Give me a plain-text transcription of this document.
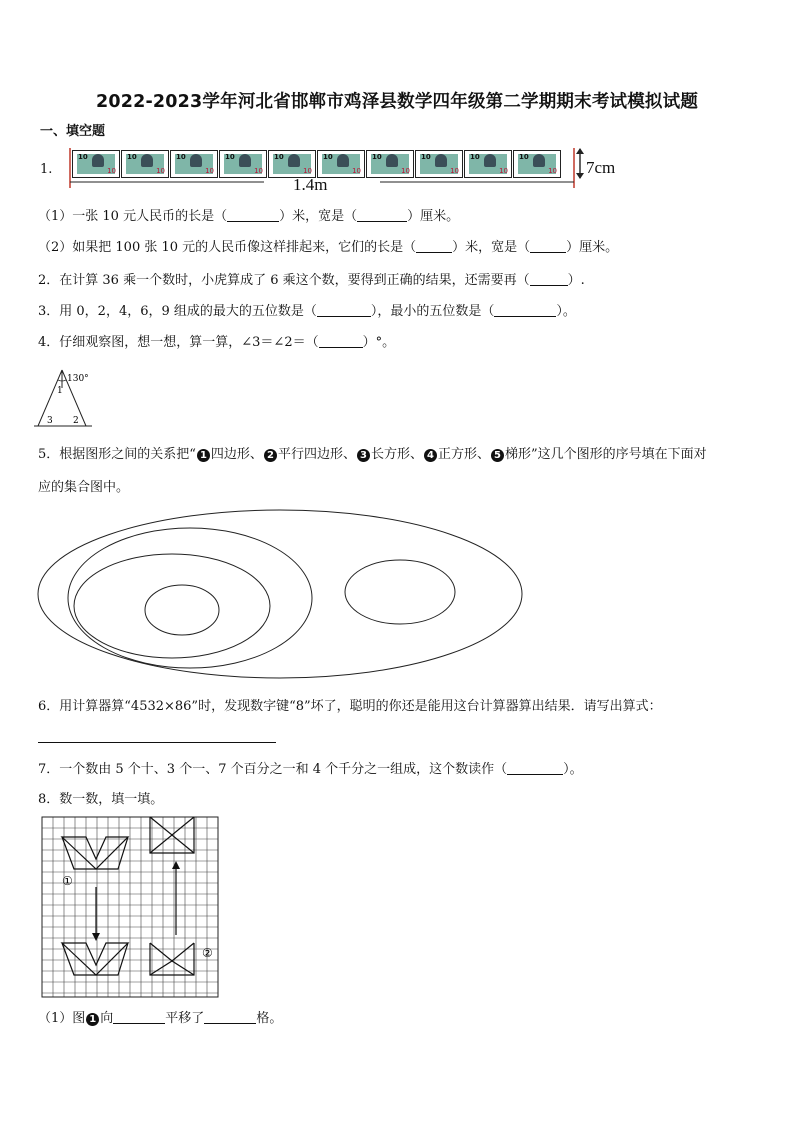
2022-2023学年河北省邯郸市鸡泽县数学四年级第二学期期末考试模拟试题
一、填空题
1.
10
10
10
10
10
10
10
10
10
10
10
10
10
10
10
10
10
10
10
10
1.4m
7cm
（1）一张 10 元人民币的长是（	）米，宽是（	）厘米。
（2）如果把 100 张 10 元的人民币像这样排起来，它们的长是（	）米，宽是（	）厘米。
2．在计算 36 乘一个数时，小虎算成了 6 乘这个数，要得到正确的结果，还需要再（	）.
3．用 0，2，4，6，9 组成的最大的五位数是（	），最小的五位数是（	）。
4．仔细观察图，想一想，算一算，∠3＝∠2＝（	）°。
130°
1
3 2
5．根据图形之间的关系把“ 1 四边形、 2 平行四边形、 3 长方形、 4 正方形、 5 梯形”这几个图形的序号填在下面对
应的集合图中。
6．用计算器算“4532×86”时，发现数字键“8”坏了，聪明的你还是能用这台计算器算出结果．请写出算式：
7．一个数由 5 个十、3 个一、7 个百分之一和 4 个千分之一组成，这个数读作（	）。
8．数一数，填一填。
①
②
（1）图 1 向	平移了	格。
